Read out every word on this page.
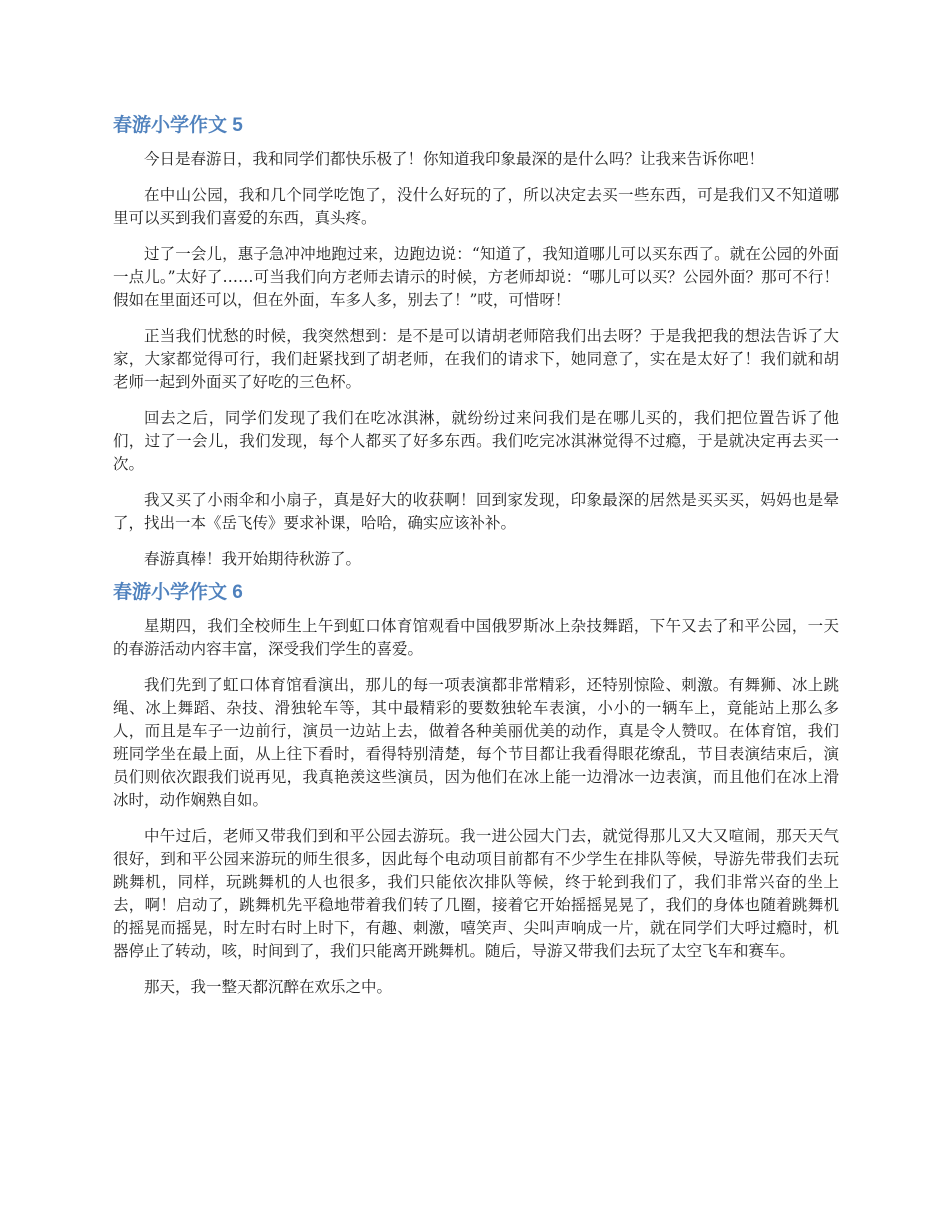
春游小学作文 5

今日是春游日，我和同学们都快乐极了！你知道我印象最深的是什么吗？让我来告诉你吧！

在中山公园，我和几个同学吃饱了，没什么好玩的了，所以决定去买一些东西，可是我们又不知道哪里可以买到我们喜爱的东西，真头疼。

过了一会儿，惠子急冲冲地跑过来，边跑边说：“知道了，我知道哪儿可以买东西了。就在公园的外面一点儿。”太好了……可当我们向方老师去请示的时候，方老师却说：“哪儿可以买？公园外面？那可不行！假如在里面还可以，但在外面，车多人多，别去了！”哎，可惜呀！

正当我们忧愁的时候，我突然想到：是不是可以请胡老师陪我们出去呀？于是我把我的想法告诉了大家，大家都觉得可行，我们赶紧找到了胡老师，在我们的请求下，她同意了，实在是太好了！我们就和胡老师一起到外面买了好吃的三色杯。

回去之后，同学们发现了我们在吃冰淇淋，就纷纷过来问我们是在哪儿买的，我们把位置告诉了他们，过了一会儿，我们发现，每个人都买了好多东西。我们吃完冰淇淋觉得不过瘾，于是就决定再去买一次。

我又买了小雨伞和小扇子，真是好大的收获啊！回到家发现，印象最深的居然是买买买，妈妈也是晕了，找出一本《岳飞传》要求补课，哈哈，确实应该补补。

春游真棒！我开始期待秋游了。

春游小学作文 6

星期四，我们全校师生上午到虹口体育馆观看中国俄罗斯冰上杂技舞蹈，下午又去了和平公园，一天的春游活动内容丰富，深受我们学生的喜爱。

我们先到了虹口体育馆看演出，那儿的每一项表演都非常精彩，还特别惊险、刺激。有舞狮、冰上跳绳、冰上舞蹈、杂技、滑独轮车等，其中最精彩的要数独轮车表演，小小的一辆车上，竟能站上那么多人，而且是车子一边前行，演员一边站上去，做着各种美丽优美的动作，真是令人赞叹。在体育馆，我们班同学坐在最上面，从上往下看时，看得特别清楚，每个节目都让我看得眼花缭乱，节目表演结束后，演员们则依次跟我们说再见，我真艳羡这些演员，因为他们在冰上能一边滑冰一边表演，而且他们在冰上滑冰时，动作娴熟自如。

中午过后，老师又带我们到和平公园去游玩。我一进公园大门去，就觉得那儿又大又喧闹，那天天气很好，到和平公园来游玩的师生很多，因此每个电动项目前都有不少学生在排队等候，导游先带我们去玩跳舞机，同样，玩跳舞机的人也很多，我们只能依次排队等候，终于轮到我们了，我们非常兴奋的坐上去，啊！启动了，跳舞机先平稳地带着我们转了几圈，接着它开始摇摇晃晃了，我们的身体也随着跳舞机的摇晃而摇晃，时左时右时上时下，有趣、刺激，嘻笑声、尖叫声响成一片，就在同学们大呼过瘾时，机器停止了转动，咳，时间到了，我们只能离开跳舞机。随后，导游又带我们去玩了太空飞车和赛车。

那天，我一整天都沉醉在欢乐之中。
